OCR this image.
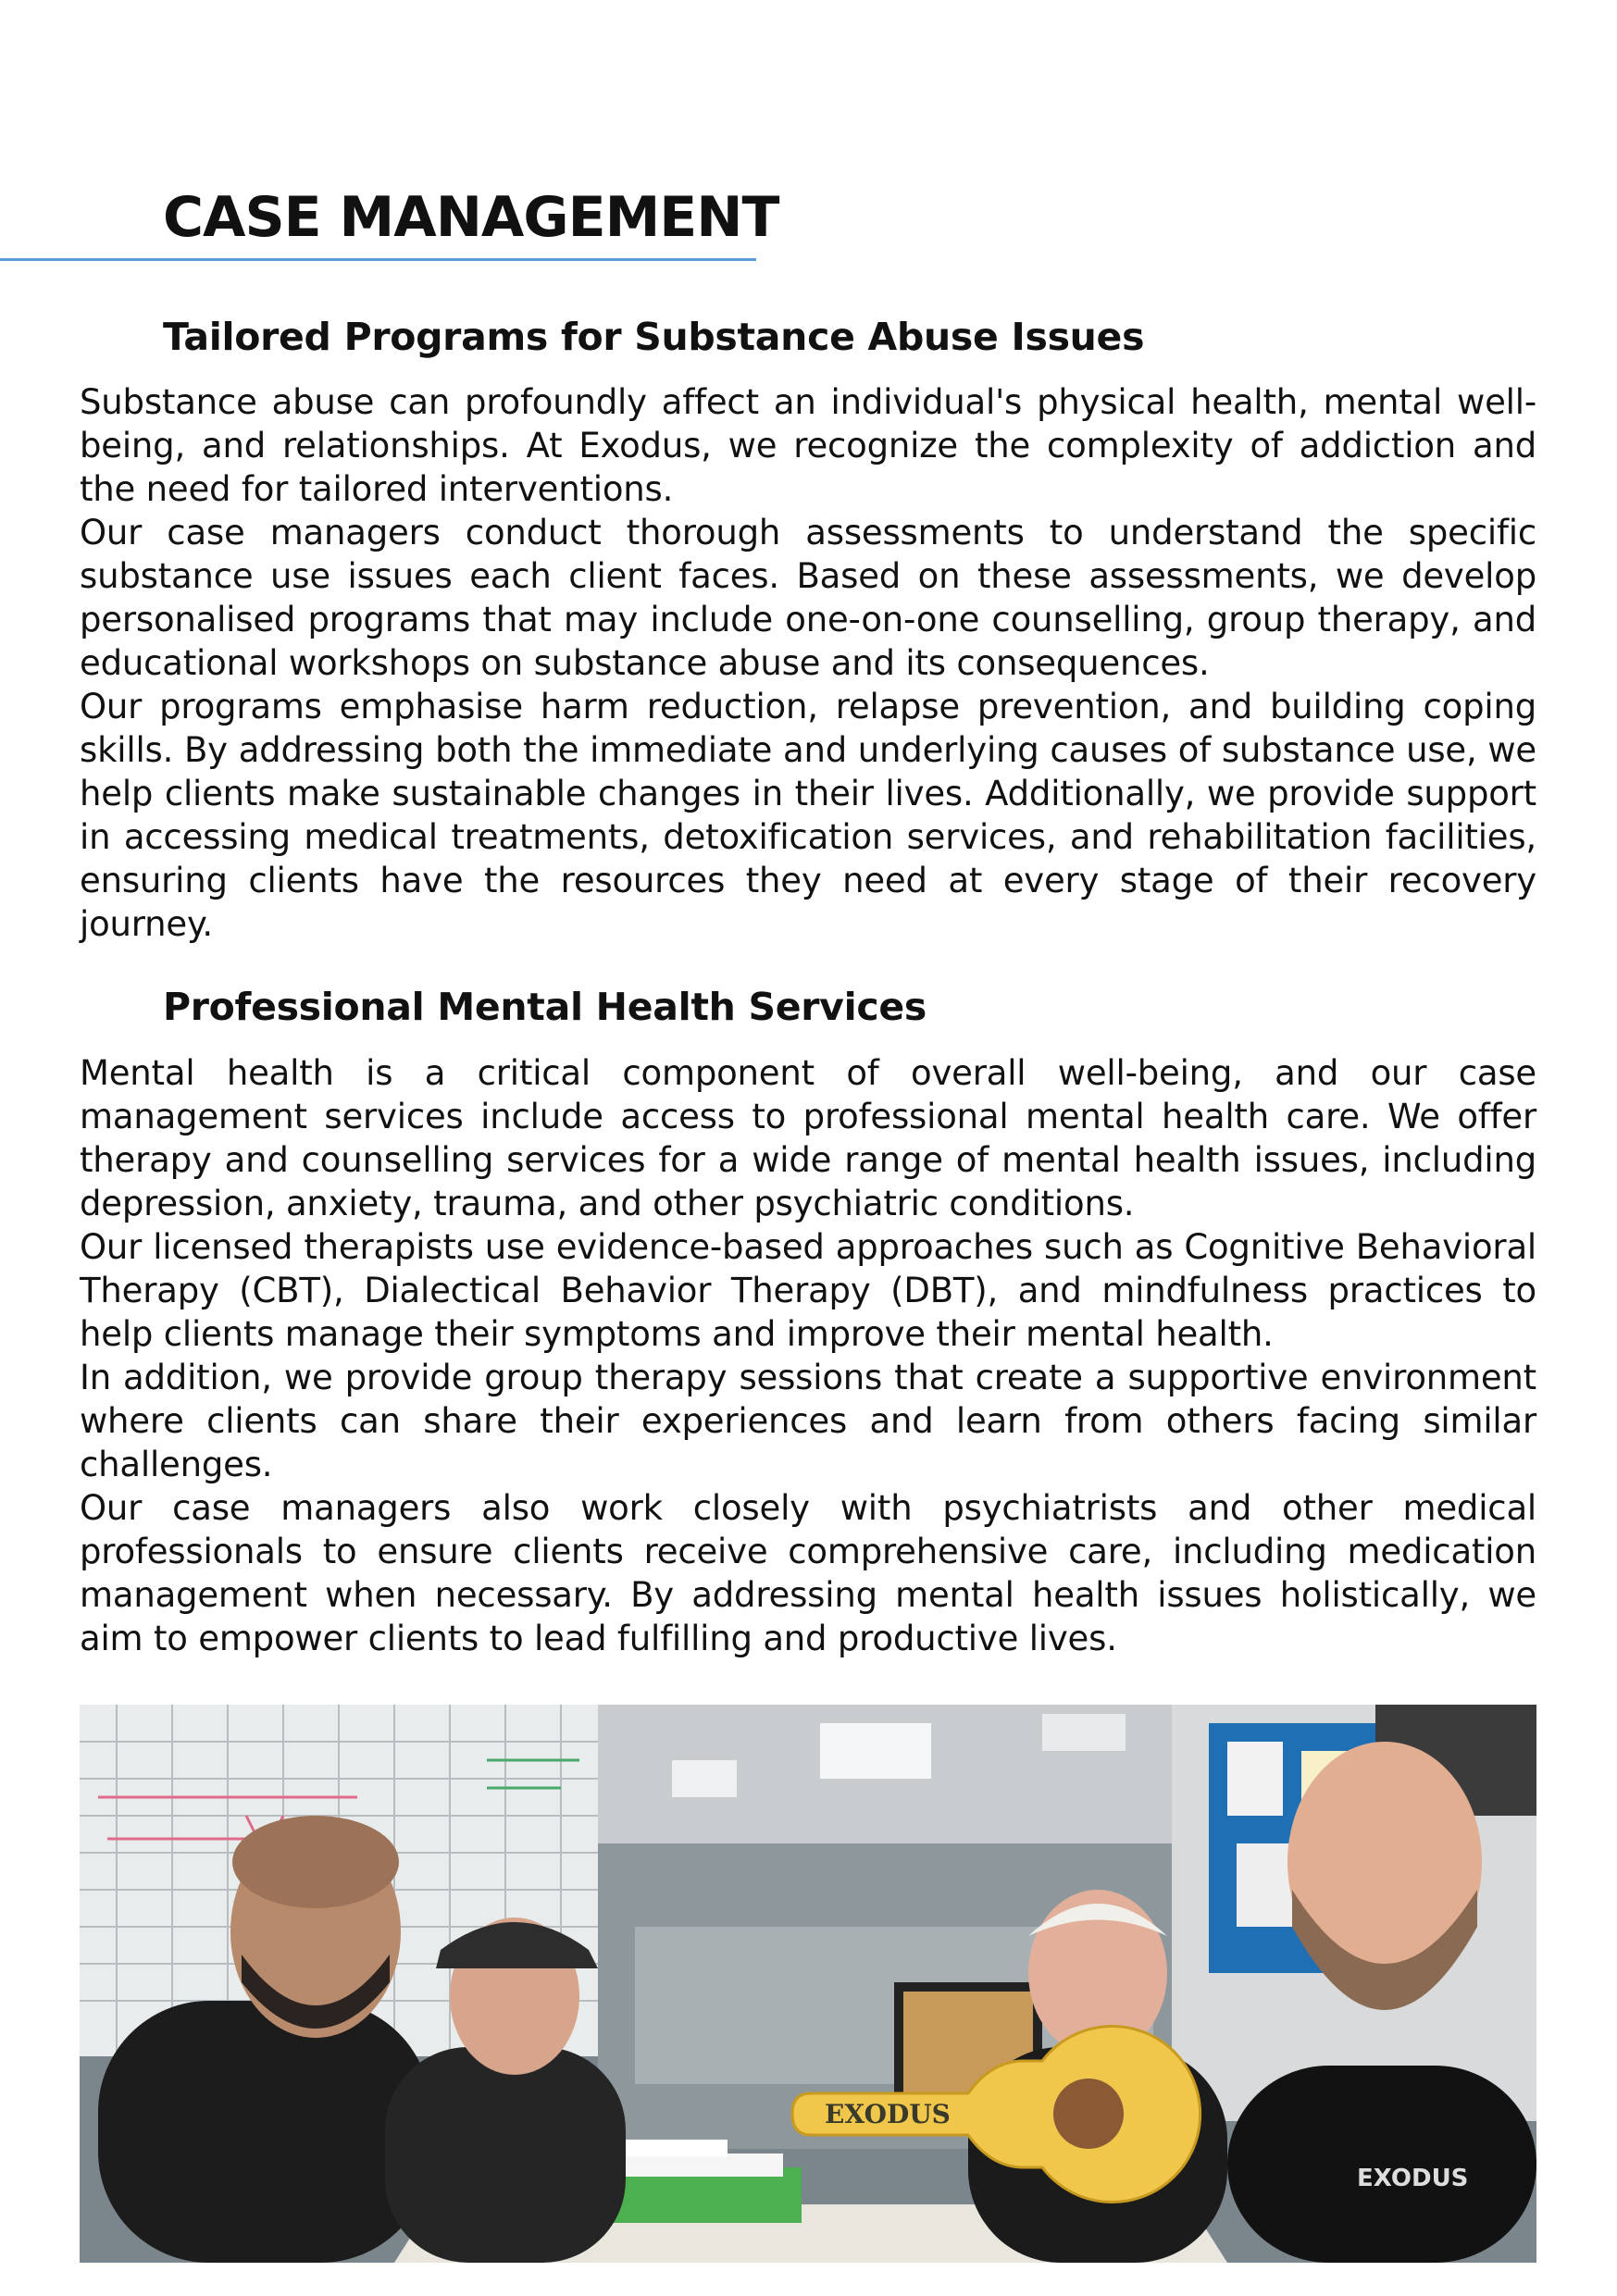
CASE MANAGEMENT
Tailored Programs for Substance Abuse Issues

Substance abuse can profoundly affect an individual's physical health, mental well-being, and relationships. At Exodus, we recognize the complexity of addiction and the need for tailored interventions.

Our case managers conduct thorough assessments to understand the specific substance use issues each client faces. Based on these assessments, we develop personalised programs that may include one-on-one counselling, group therapy, and educational workshops on substance abuse and its consequences.

Our programs emphasise harm reduction, relapse prevention, and building coping skills. By addressing both the immediate and underlying causes of substance use, we help clients make sustainable changes in their lives. Additionally, we provide support in accessing medical treatments, detoxification services, and rehabilitation facilities, ensuring clients have the resources they need at every stage of their recovery journey.

Professional Mental Health Services

Mental health is a critical component of overall well-being, and our case management services include access to professional mental health care. We offer therapy and counselling services for a wide range of mental health issues, including depression, anxiety, trauma, and other psychiatric conditions.

Our licensed therapists use evidence-based approaches such as Cognitive Behavioral Therapy (CBT), Dialectical Behavior Therapy (DBT), and mindfulness practices to help clients manage their symptoms and improve their mental health.

In addition, we provide group therapy sessions that create a supportive environment where clients can share their experiences and learn from others facing similar challenges.

Our case managers also work closely with psychiatrists and other medical professionals to ensure clients receive comprehensive care, including medication management when necessary. By addressing mental health issues holistically, we aim to empower clients to lead fulfilling and productive lives.

EXODUS
EXODUS
